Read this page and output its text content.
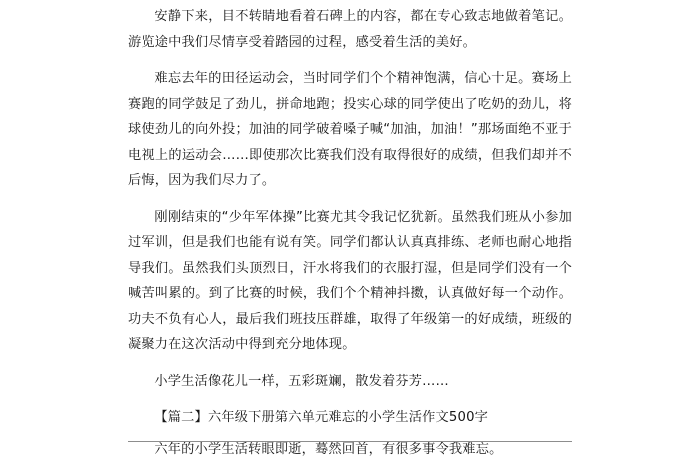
安静下来，目不转睛地看着石碑上的内容，都在专心致志地做着笔记。游览途中我们尽情享受着踏园的过程，感受着生活的美好。

难忘去年的田径运动会，当时同学们个个精神饱满，信心十足。赛场上赛跑的同学鼓足了劲儿，拼命地跑；投实心球的同学使出了吃奶的劲儿，将球使劲儿的向外投；加油的同学破着嗓子喊“加油，加油！”那场面绝不亚于电视上的运动会……即使那次比赛我们没有取得很好的成绩，但我们却并不后悔，因为我们尽力了。

刚刚结束的“少年军体操”比赛尤其令我记忆犹新。虽然我们班从小参加过军训，但是我们也能有说有笑。同学们都认认真真排练、老师也耐心地指导我们。虽然我们头顶烈日，汗水将我们的衣服打湿，但是同学们没有一个喊苦叫累的。到了比赛的时候，我们个个精神抖擞，认真做好每一个动作。功夫不负有心人，最后我们班技压群雄，取得了年级第一的好成绩，班级的凝聚力在这次活动中得到充分地体现。

小学生活像花儿一样，五彩斑斓，散发着芬芳……

【篇二】六年级下册第六单元难忘的小学生活作文500字

六年的小学生活转眼即逝，蓦然回首，有很多事令我难忘。
